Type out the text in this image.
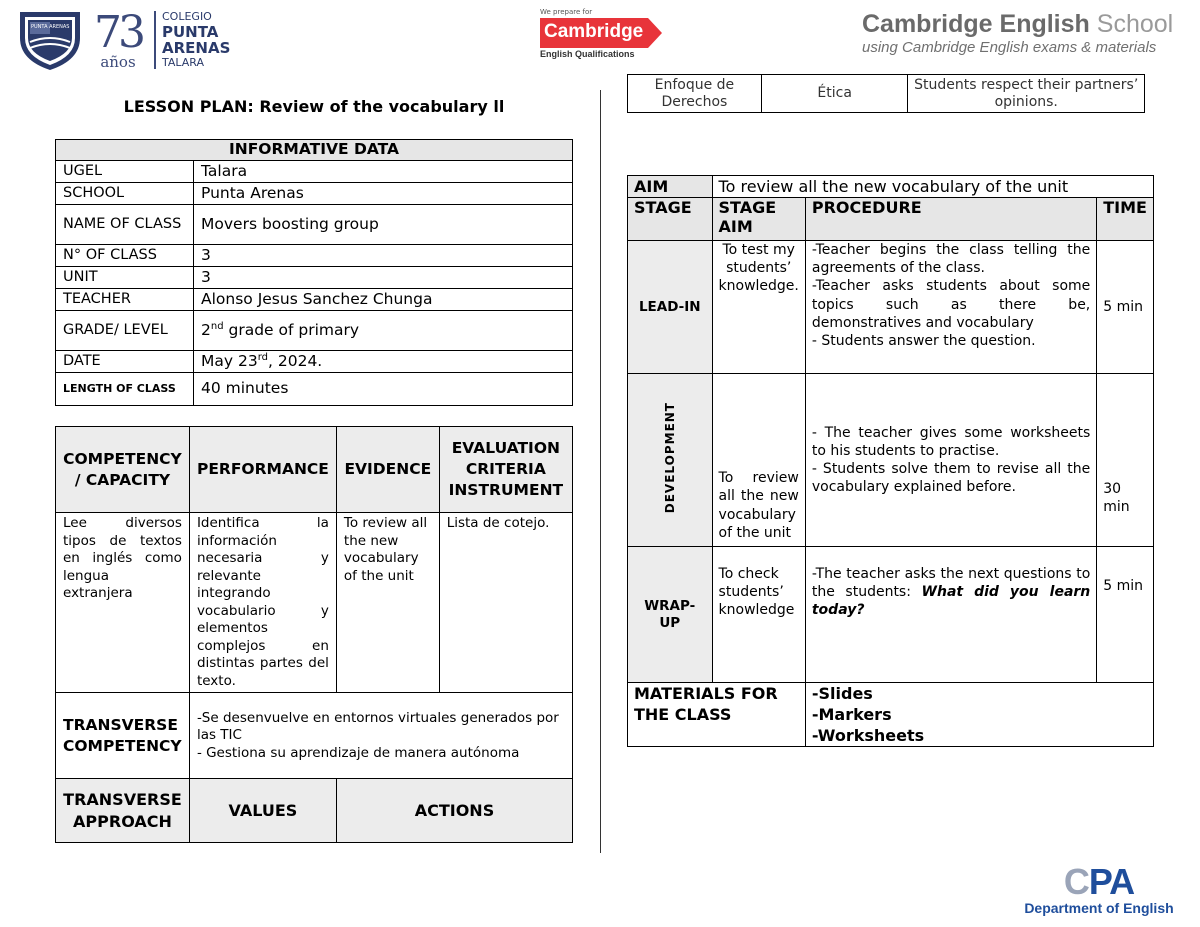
PUNTA ARENAS 73
años
COLEGIO
PUNTA
ARENAS
TALARA
We prepare for
Cambridge
English Qualifications
Cambridge English School
using Cambridge English exams & materials
LESSON PLAN: Review of the vocabulary ll
INFORMATIVE DATA	
UGEL	Talara
SCHOOL	Punta Arenas
NAME OF CLASS	Movers boosting group
N° OF CLASS	3
UNIT	3
TEACHER	Alonso Jesus Sanchez Chunga
GRADE/ LEVEL	2nd grade of primary
DATE	May 23rd, 2024.
LENGTH OF CLASS	40 minutes
COMPETENCY / CAPACITY	PERFORMANCE	EVIDENCE	EVALUATION CRITERIA INSTRUMENT
Lee diversos tipos de textos en inglés como lengua extranjera	Identifica la información necesaria y relevante integrando vocabulario y elementos complejos en distintas partes del texto.	To review all the new vocabulary of the unit	Lista de cotejo.
TRANSVERSE COMPETENCY	-Se desenvuelve en entornos virtuales generados por las TIC
- Gestiona su aprendizaje de manera autónoma		

TRANSVERSE APPROACH	VALUES	ACTIONS	
Enfoque de Derechos	Ética	Students respect their partners’ opinions.
AIM	To review all the new vocabulary of the unit		
STAGE	STAGE AIM	PROCEDURE	TIME
LEAD-IN	To test my students’ knowledge.	-Teacher begins the class telling the agreements of the class.
-Teacher asks students about some topics such as there be, demonstratives and vocabulary
- Students answer the question.	5 min
DEVELOPMENT	To review all the new vocabulary of the unit	- The teacher gives some worksheets to his students to practise.
- Students solve them to revise all the vocabulary explained before.	30 min
WRAP-UP	To check students’ knowledge	-The teacher asks the next questions to the students: What did you learn today?	5 min
MATERIALS FOR THE CLASS		-Slides
-Markers
-Worksheets	
CPA
Department of English
